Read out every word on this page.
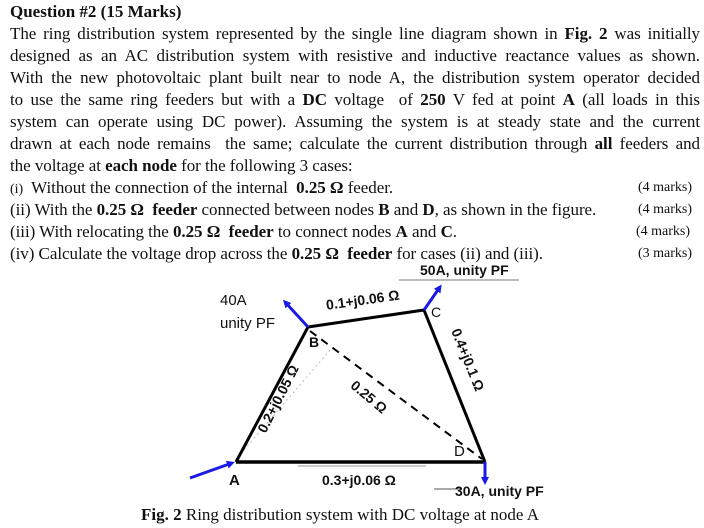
Question #2 (15 Marks)
The ring distribution system represented by the single line diagram shown in Fig. 2 was initially
designed as an AC distribution system with resistive and inductive reactance values as shown.
With the new photovoltaic plant built near to node A, the distribution system operator decided
to use the same ring feeders but with a DC voltage  of 250 V fed at point A (all loads in this
system can operate using DC power). Assuming the system is at steady state and the current
drawn at each node remains  the same; calculate the current distribution through all feeders and
the voltage at each node for the following 3 cases:
(i)  Without the connection of the internal  0.25 Ω feeder.	(4 marks)
(ii) With the 0.25 Ω  feeder connected between nodes B and D, as shown in the figure.	(4 marks)
(iii) With relocating the 0.25 Ω  feeder to connect nodes A and C.	(4 marks)
(iv) Calculate the voltage drop across the 0.25 Ω  feeder for cases (ii) and (iii).	(3 marks)
A
B
C
D
0.1+j0.06 Ω
0.2+j0.05 Ω
0.4+j0.1 Ω
0.3+j0.06 Ω
0.25 Ω
40A
unity PF
50A, unity PF
30A, unity PF
Fig. 2 Ring distribution system with DC voltage at node A
